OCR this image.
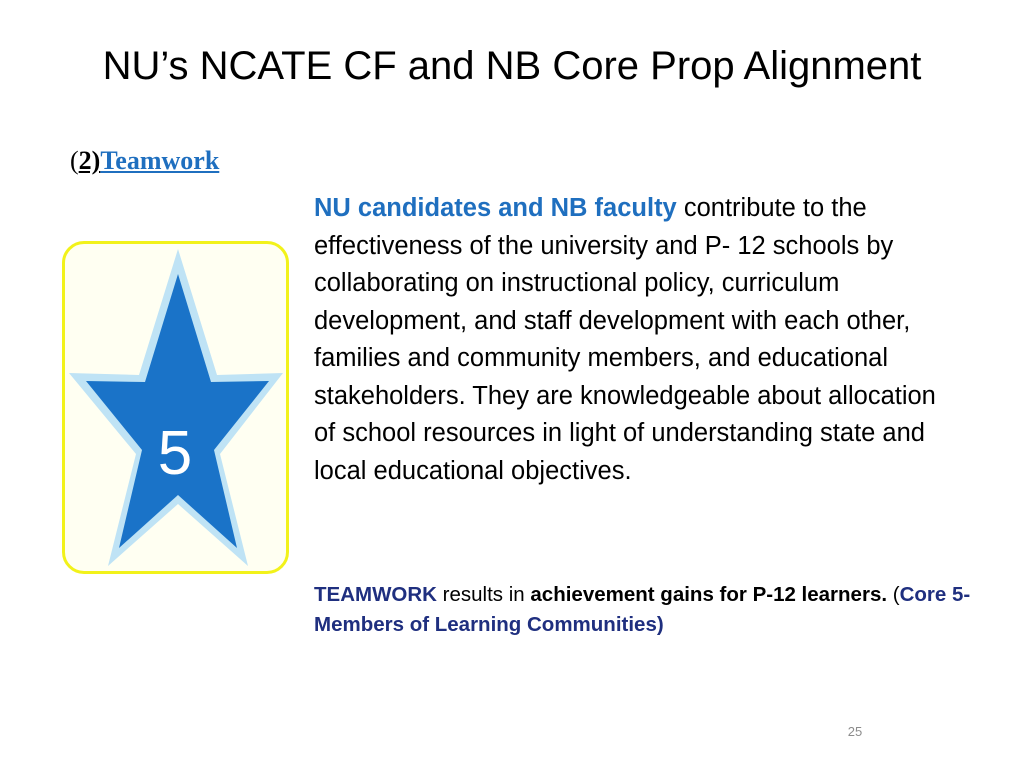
NU’s NCATE CF and NB Core Prop Alignment
(2)Teamwork
5
NU candidates and NB faculty contribute to the effectiveness of the university and P- 12 schools by collaborating on instructional policy, curriculum development, and staff development with each other, families and community members, and educational stakeholders. They are knowledgeable about allocation of school resources in light of understanding state and local educational objectives.
TEAMWORK results in achievement gains for P-12 learners. (Core 5-Members of Learning Communities)
25
